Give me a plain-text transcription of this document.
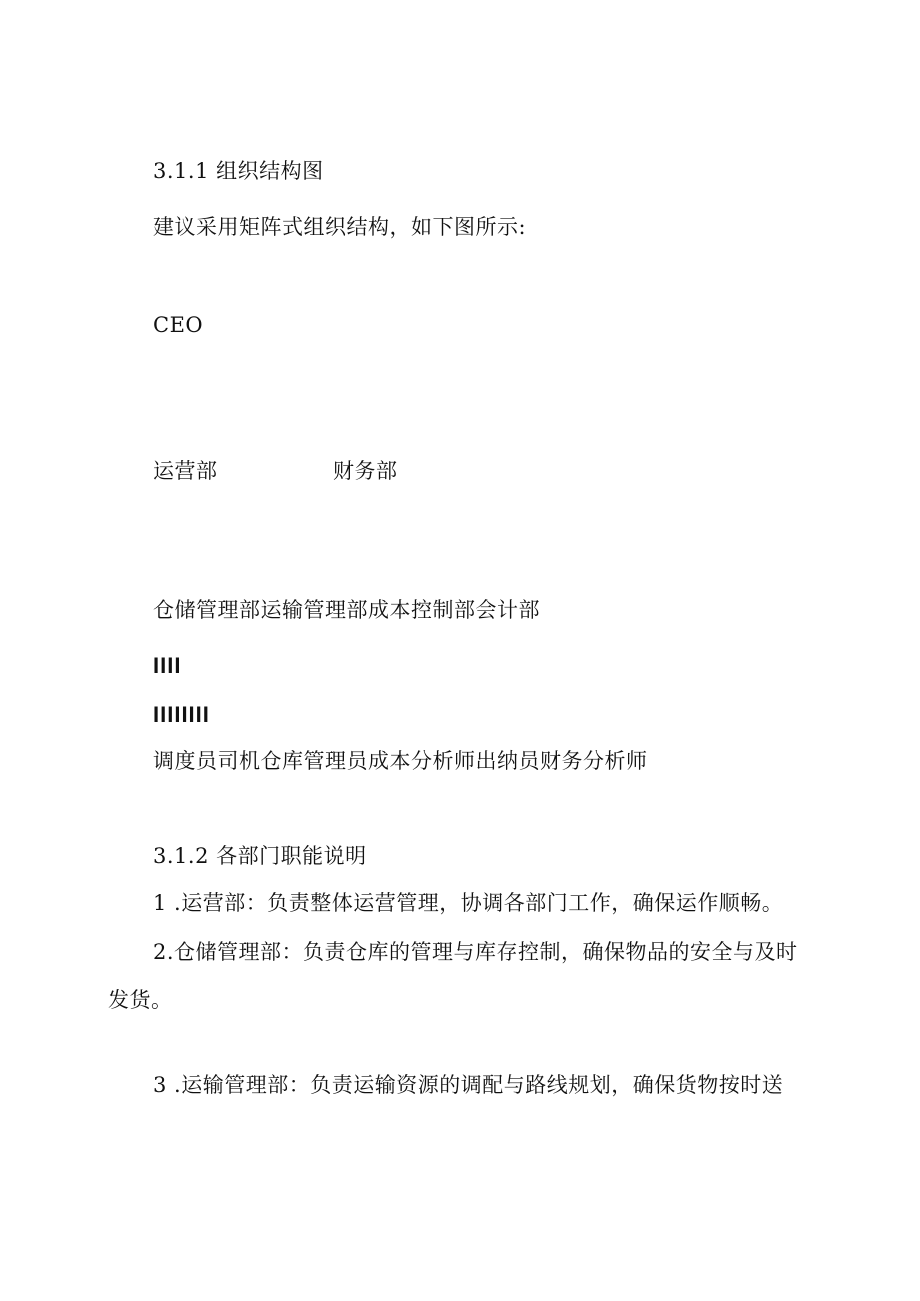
3.1.1 组织结构图
建议采用矩阵式组织结构，如下图所示:
CEO
运营部	财务部
仓储管理部运输管理部成本控制部会计部
IIII
IIIIIIII
调度员司机仓库管理员成本分析师出纳员财务分析师
3.1.2 各部门职能说明
1 .运营部：负责整体运营管理，协调各部门工作，确保运作顺畅。
2.仓储管理部：负责仓库的管理与库存控制，确保物品的安全与及时
发货。
3 .运输管理部：负责运输资源的调配与路线规划，确保货物按时送
